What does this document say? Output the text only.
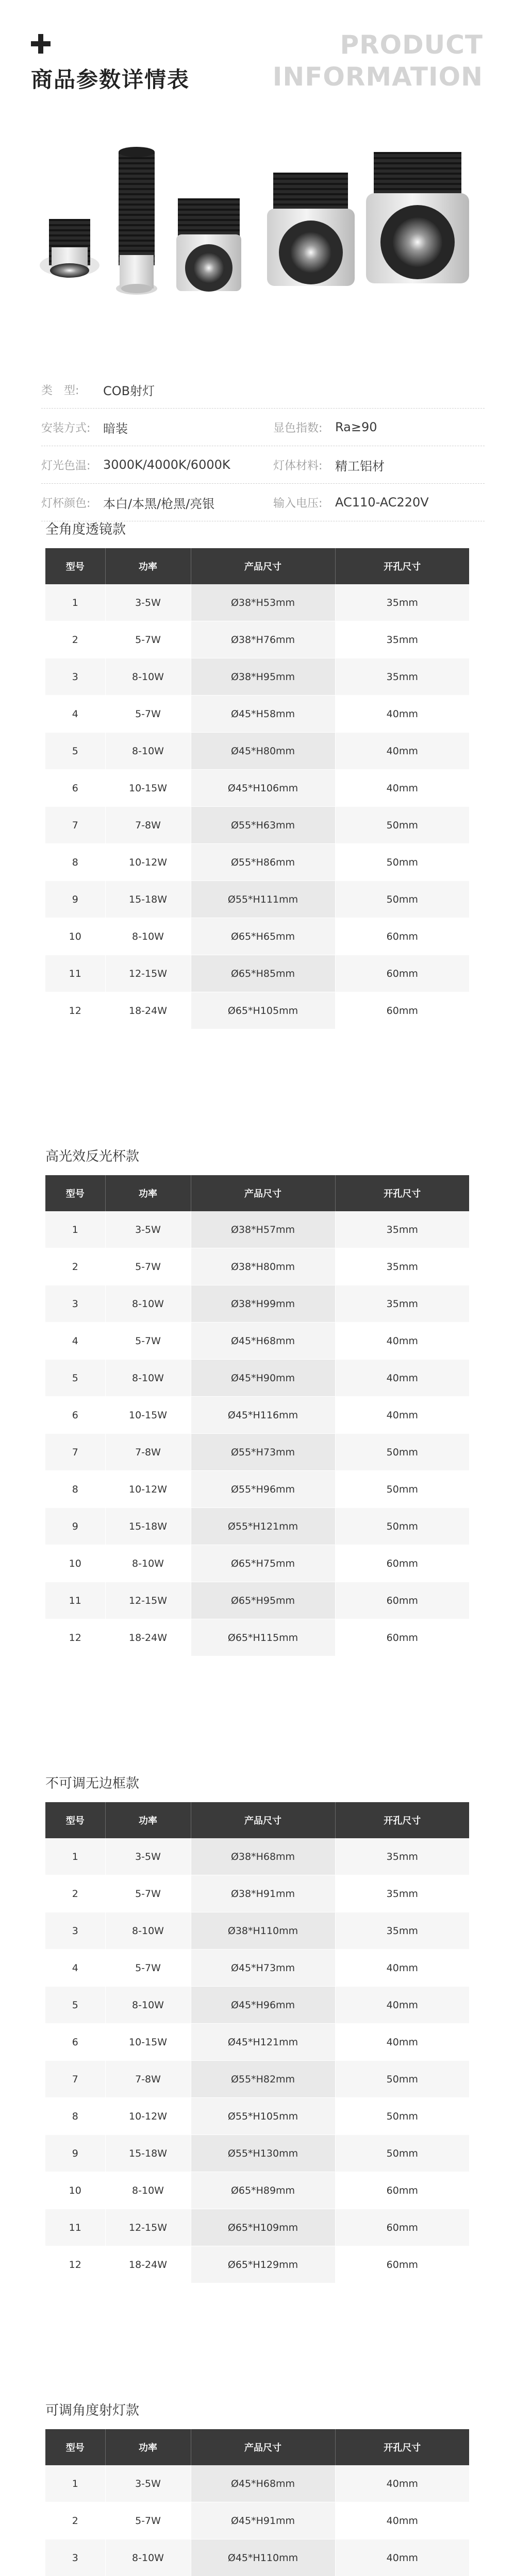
商品参数详情表
PRODUCT
INFORMATION
类　型:	COB射灯
安装方式:	暗装	显色指数:	Ra≥90
灯光色温:	3000K/4000K/6000K	灯体材料:	精工铝材
灯杯颜色:	本白/本黑/枪黑/亮银	输入电压:	AC110-AC220V
全角度透镜款
型号	功率	产品尺寸	开孔尺寸
1	3-5W	Ø38*H53mm	35mm
2	5-7W	Ø38*H76mm	35mm
3	8-10W	Ø38*H95mm	35mm
4	5-7W	Ø45*H58mm	40mm
5	8-10W	Ø45*H80mm	40mm
6	10-15W	Ø45*H106mm	40mm
7	7-8W	Ø55*H63mm	50mm
8	10-12W	Ø55*H86mm	50mm
9	15-18W	Ø55*H111mm	50mm
10	8-10W	Ø65*H65mm	60mm
11	12-15W	Ø65*H85mm	60mm
12	18-24W	Ø65*H105mm	60mm
高光效反光杯款
型号	功率	产品尺寸	开孔尺寸
1	3-5W	Ø38*H57mm	35mm
2	5-7W	Ø38*H80mm	35mm
3	8-10W	Ø38*H99mm	35mm
4	5-7W	Ø45*H68mm	40mm
5	8-10W	Ø45*H90mm	40mm
6	10-15W	Ø45*H116mm	40mm
7	7-8W	Ø55*H73mm	50mm
8	10-12W	Ø55*H96mm	50mm
9	15-18W	Ø55*H121mm	50mm
10	8-10W	Ø65*H75mm	60mm
11	12-15W	Ø65*H95mm	60mm
12	18-24W	Ø65*H115mm	60mm
不可调无边框款
型号	功率	产品尺寸	开孔尺寸
1	3-5W	Ø38*H68mm	35mm
2	5-7W	Ø38*H91mm	35mm
3	8-10W	Ø38*H110mm	35mm
4	5-7W	Ø45*H73mm	40mm
5	8-10W	Ø45*H96mm	40mm
6	10-15W	Ø45*H121mm	40mm
7	7-8W	Ø55*H82mm	50mm
8	10-12W	Ø55*H105mm	50mm
9	15-18W	Ø55*H130mm	50mm
10	8-10W	Ø65*H89mm	60mm
11	12-15W	Ø65*H109mm	60mm
12	18-24W	Ø65*H129mm	60mm
可调角度射灯款
型号	功率	产品尺寸	开孔尺寸
1	3-5W	Ø45*H68mm	40mm
2	5-7W	Ø45*H91mm	40mm
3	8-10W	Ø45*H110mm	40mm
